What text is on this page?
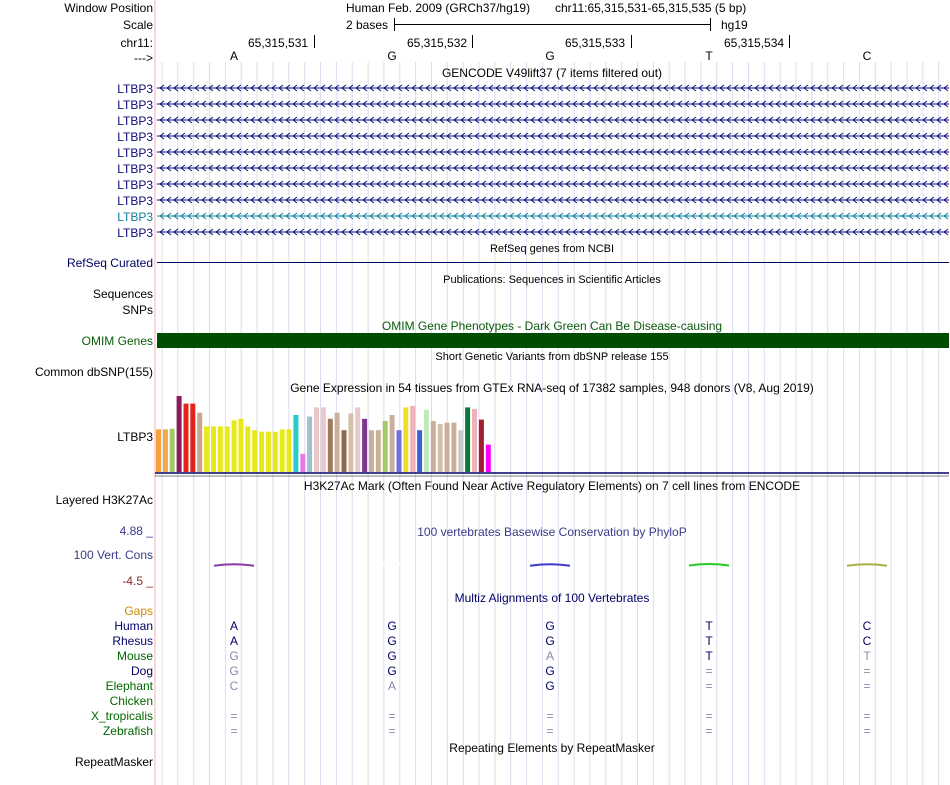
Window Position
Scale
chr11:
--->
Human Feb. 2009 (GRCh37/hg19) chr11:65,315,531-65,315,535 (5 bp)
2 bases	hg19
65,315,531	65,315,532	65,315,533	65,315,534
A	G	G	T	C
GENCODE V49lift37 (7 items filtered out)
LTBP3
LTBP3
LTBP3
LTBP3
LTBP3
LTBP3
LTBP3
LTBP3
LTBP3
LTBP3
RefSeq genes from NCBI
RefSeq Curated
Publications: Sequences in Scientific Articles
Sequences
SNPs
OMIM Gene Phenotypes - Dark Green Can Be Disease-causing
OMIM Genes
Short Genetic Variants from dbSNP release 155
Common dbSNP(155)
Gene Expression in 54 tissues from GTEx RNA-seq of 17382 samples, 948 donors (V8, Aug 2019)
LTBP3
H3K27Ac Mark (Often Found Near Active Regulatory Elements) on 7 cell lines from ENCODE
Layered H3K27Ac
100 vertebrates Basewise Conservation by PhyloP
4.88 _
100 Vert. Cons
-4.5 _
Multiz Alignments of 100 Vertebrates
Gaps
Human	A	G	G	T	C
Rhesus	A	G	G	T	C
Mouse	G	G	A	T	T
Dog	G	G	G	=	=
Elephant	C	A	G	=	=
Chicken
X_tropicalis	=	=	=	=	=
Zebrafish	=	=	=	=	=
Repeating Elements by RepeatMasker
RepeatMasker
